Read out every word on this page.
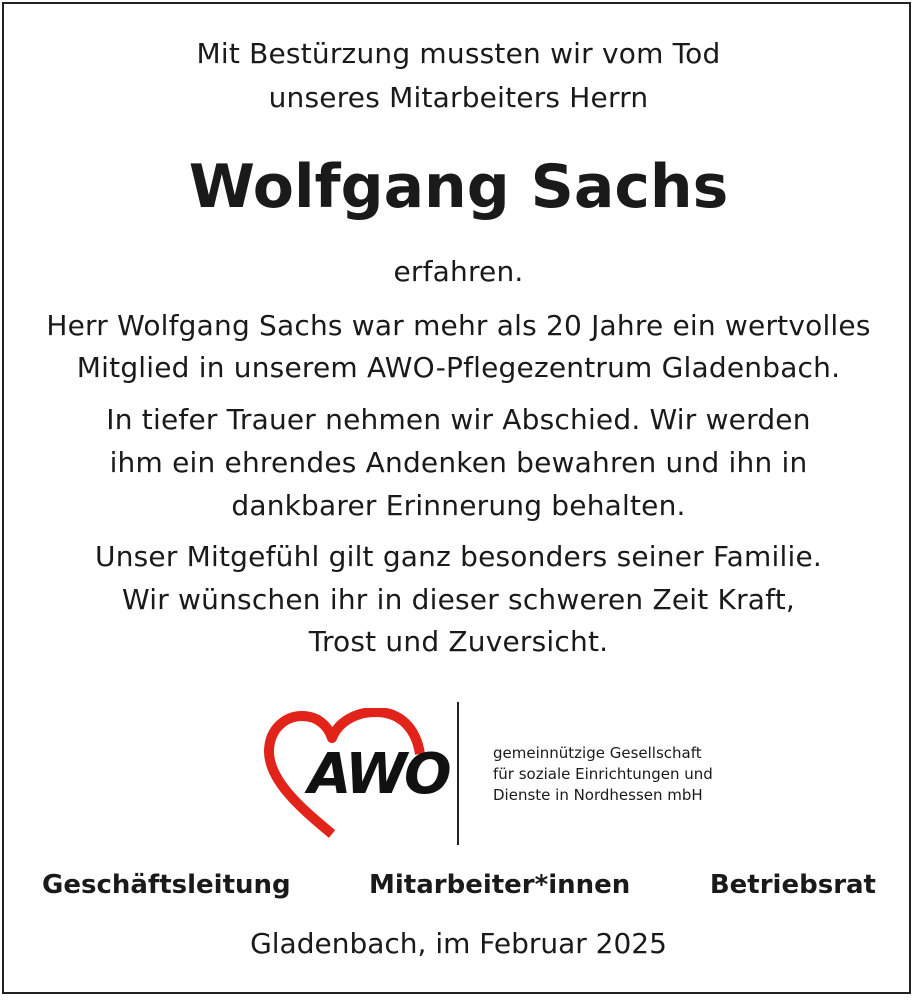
Mit Bestürzung mussten wir vom Tod
unseres Mitarbeiters Herrn
Wolfgang Sachs
erfahren.
Herr Wolfgang Sachs war mehr als 20 Jahre ein wertvolles
Mitglied in unserem AWO-Pflegezentrum Gladenbach.
In tiefer Trauer nehmen wir Abschied. Wir werden
ihm ein ehrendes Andenken bewahren und ihn in
dankbarer Erinnerung behalten.
Unser Mitgefühl gilt ganz besonders seiner Familie.
Wir wünschen ihr in dieser schweren Zeit Kraft,
Trost und Zuversicht.
AWO	gemeinnützige Gesellschaft
für soziale Einrichtungen und
Dienste in Nordhessen mbH
Geschäftsleitung	Mitarbeiter*innen	Betriebsrat
Gladenbach, im Februar 2025
